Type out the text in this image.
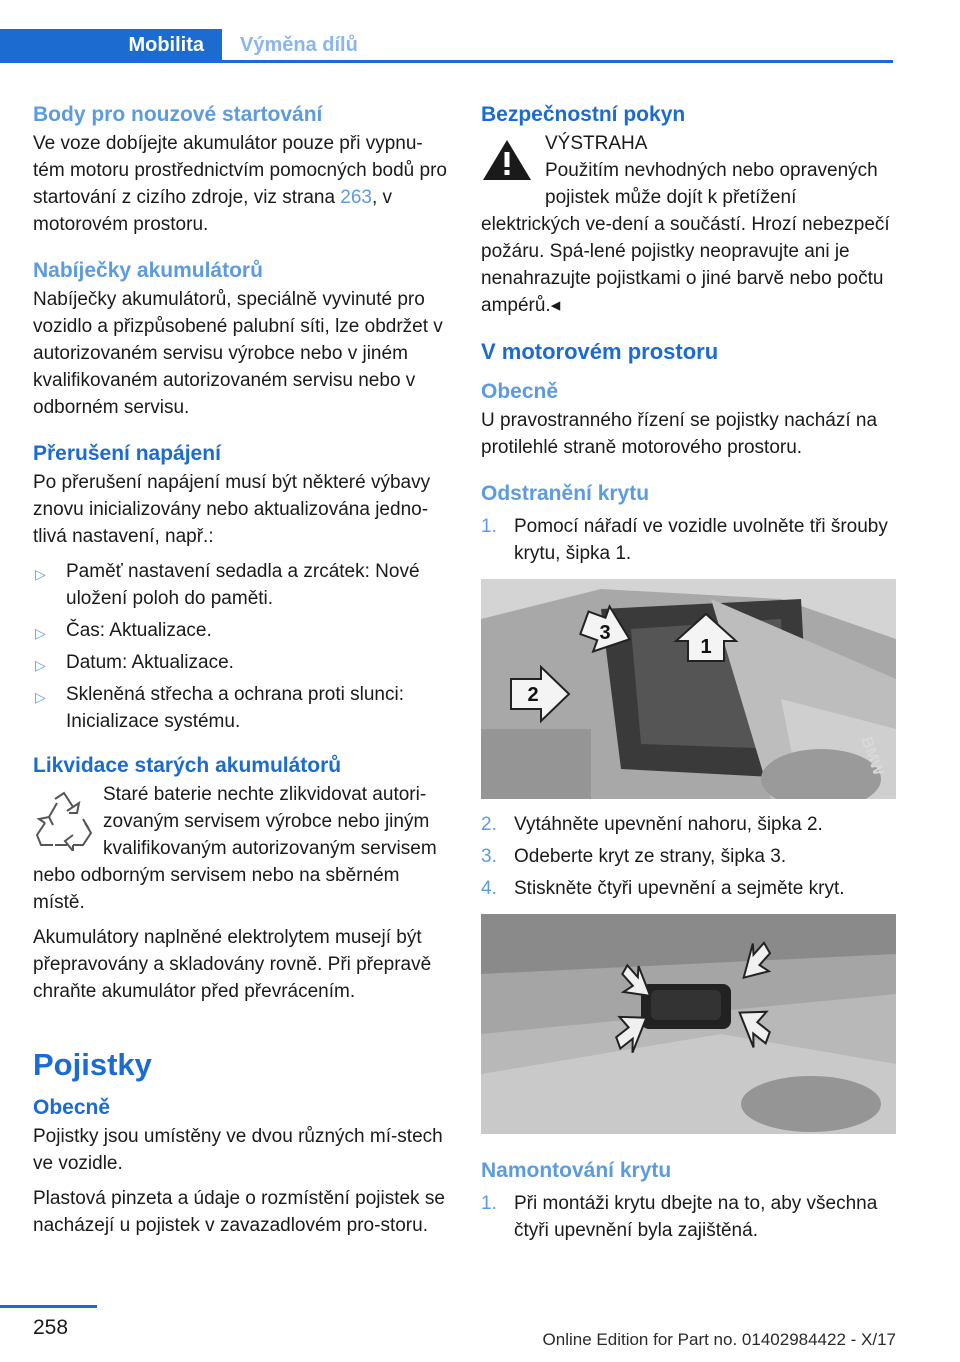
Mobilita	Výměna dílů
Body pro nouzové startování

Ve voze dobíjejte akumulátor pouze při vypnu-tém motoru prostřednictvím pomocných bodů pro startování z cizího zdroje, viz strana 263, v motorovém prostoru.

Nabíječky akumulátorů

Nabíječky akumulátorů, speciálně vyvinuté pro vozidlo a přizpůsobené palubní síti, lze obdržet v autorizovaném servisu výrobce nebo v jiném kvalifikovaném autorizovaném servisu nebo v odborném servisu.

Přerušení napájení

Po přerušení napájení musí být některé výbavy znovu inicializovány nebo aktualizována jedno-tlivá nastavení, např.:

▷ Paměť nastavení sedadla a zrcátek: Nové uložení poloh do paměti.
▷ Čas: Aktualizace.
▷ Datum: Aktualizace.
▷ Skleněná střecha a ochrana proti slunci: Inicializace systému.
Likvidace starých akumulátorů

Staré baterie nechte zlikvidovat autori-zovaným servisem výrobce nebo jiným kvalifikovaným autorizovaným servisem nebo odborným servisem nebo na sběrném místě.

Akumulátory naplněné elektrolytem musejí být přepravovány a skladovány rovně. Při přepravě chraňte akumulátor před převrácením.

Pojistky
Obecně

Pojistky jsou umístěny ve dvou různých mí-stech ve vozidle.

Plastová pinzeta a údaje o rozmístění pojistek se nacházejí u pojistek v zavazadlovém pro-storu.

Bezpečnostní pokyn
VÝSTRAHA

Použitím nevhodných nebo opravených pojistek může dojít k přetížení elektrických ve-dení a součástí. Hrozí nebezpečí požáru. Spá-lené pojistky neopravujte ani je nenahrazujte pojistkami o jiné barvě nebo počtu ampérů.◂

V motorovém prostoru
Obecně

U pravostranného řízení se pojistky nachází na protilehlé straně motorového prostoru.

Odstranění krytu
1. Pomocí nářadí ve vozidle uvolněte tři šrouby krytu, šipka 1.
1
2
3
BMW
2. Vytáhněte upevnění nahoru, šipka 2.
3. Odeberte kryt ze strany, šipka 3.
4. Stiskněte čtyři upevnění a sejměte kryt.
Namontování krytu
1. Při montáži krytu dbejte na to, aby všechna čtyři upevnění byla zajištěná.
258
Online Edition for Part no. 01402984422 - X/17
